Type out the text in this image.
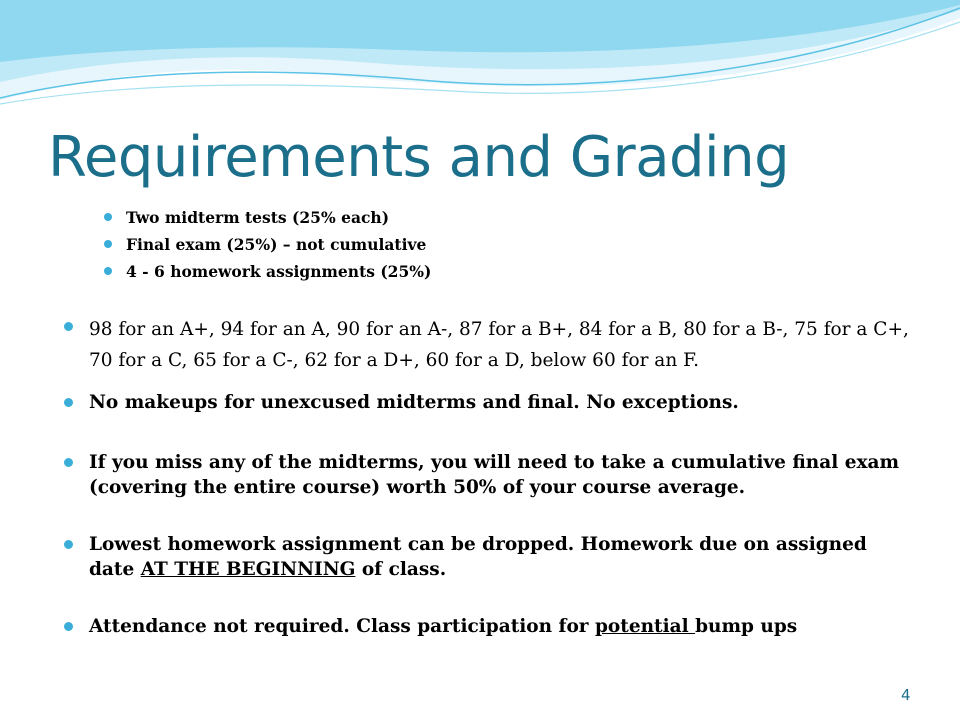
Requirements and Grading
Two midterm tests (25% each)
Final exam (25%) – not cumulative
4 - 6 homework assignments (25%)
98 for an A+, 94 for an A, 90 for an A-, 87 for a B+, 84 for a B, 80 for a B-, 75 for a C+, 70 for a C, 65 for a C-, 62 for a D+, 60 for a D, below 60 for an F.
No makeups for unexcused midterms and final. No exceptions.
If you miss any of the midterms, you will need to take a cumulative final exam (covering the entire course) worth 50% of your course average.
Lowest homework assignment can be dropped. Homework due on assigned date AT THE BEGINNING of class.
Attendance not required. Class participation for potential bump ups
4
